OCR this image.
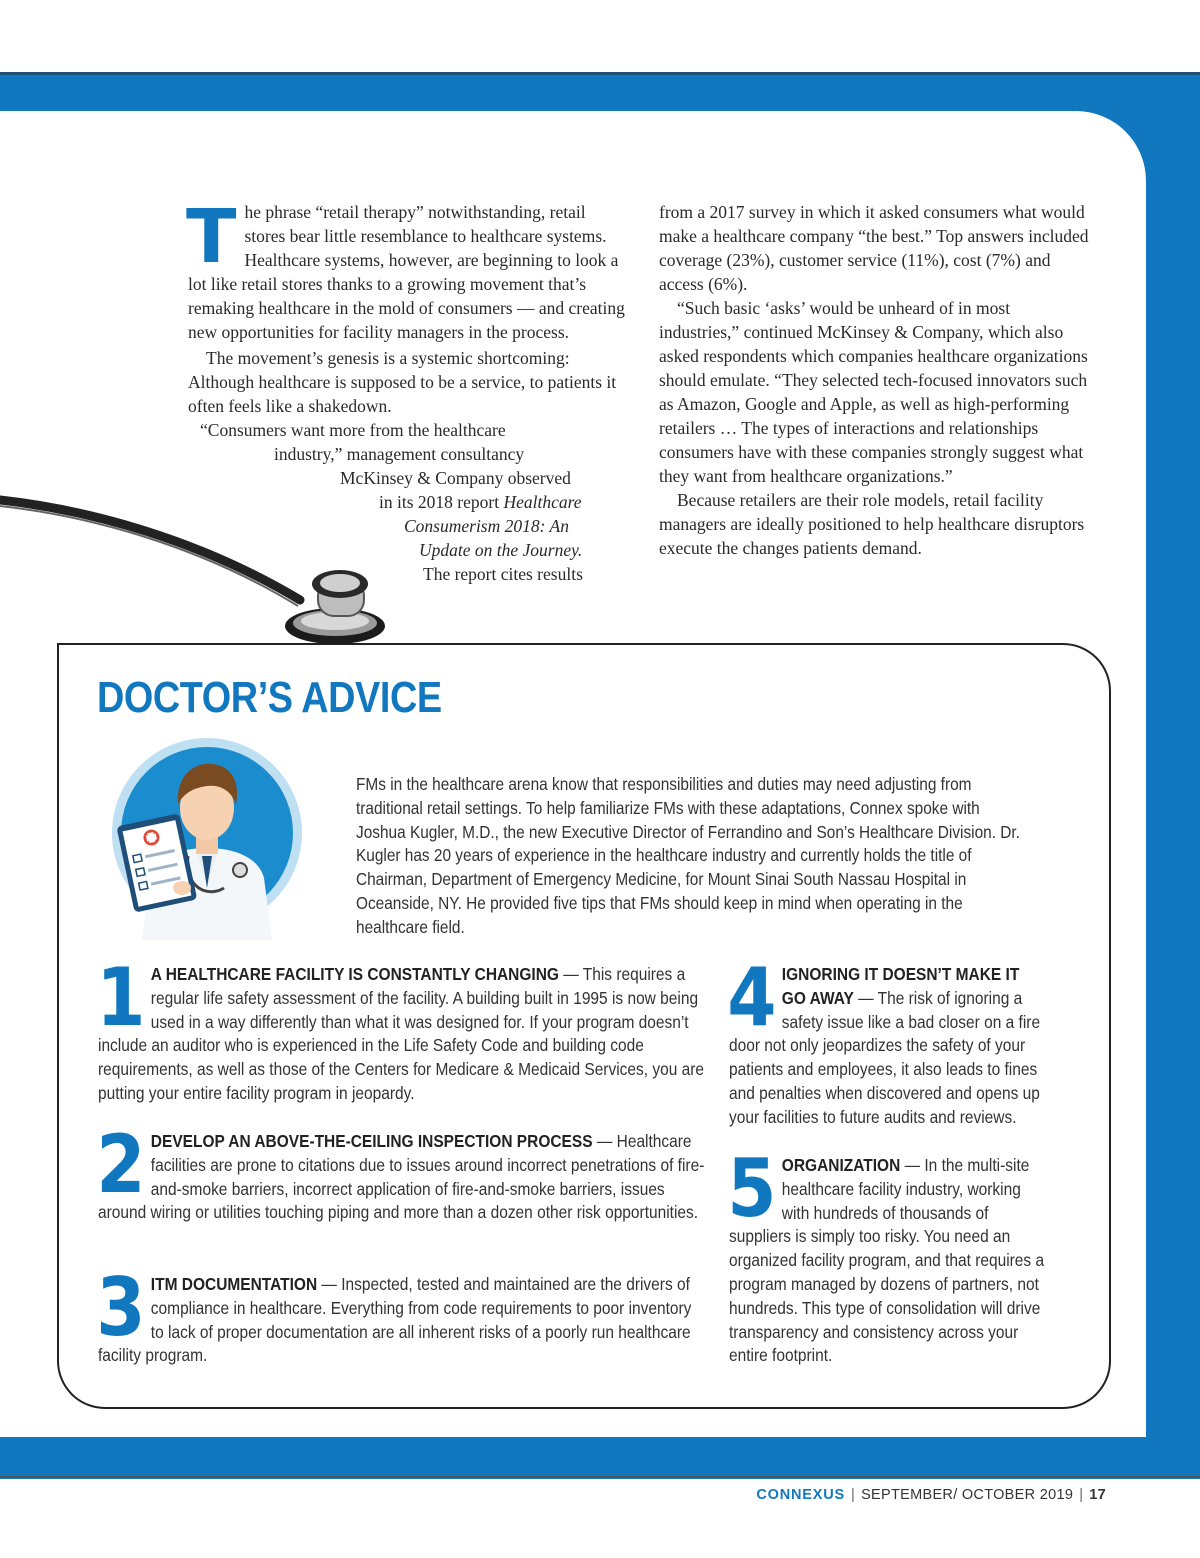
The phrase “retail therapy” notwithstanding, retail stores bear little resemblance to healthcare systems. Healthcare systems, however, are beginning to look a lot like retail stores thanks to a growing movement that’s remaking healthcare in the mold of consumers — and creating new opportunities for facility managers in the process.

The movement’s genesis is a systemic shortcoming: Although healthcare is supposed to be a service, to patients it often feels like a shakedown.

“Consumers want more from the healthcare
industry,” management consultancy
McKinsey & Company observed
in its 2018 report Healthcare
Consumerism 2018: An
Update on the Journey.
The report cites results

from a 2017 survey in which it asked consumers what would make a healthcare company “the best.” Top answers included coverage (23%), customer service (11%), cost (7%) and access (6%).

“Such basic ‘asks’ would be unheard of in most industries,” continued McKinsey & Company, which also asked respondents which companies healthcare organizations should emulate. “They selected tech-focused innovators such as Amazon, Google and Apple, as well as high-performing retailers … The types of interactions and relationships consumers have with these companies strongly suggest what they want from healthcare organizations.”

Because retailers are their role models, retail facility managers are ideally positioned to help healthcare disruptors execute the changes patients demand.

DOCTOR’S ADVICE
FMs in the healthcare arena know that responsibilities and duties may need adjusting from traditional retail settings. To help familiarize FMs with these adaptations, Connex spoke with Joshua Kugler, M.D., the new Executive Director of Ferrandino and Son’s Healthcare Division. Dr. Kugler has 20 years of experience in the healthcare industry and currently holds the title of Chairman, Department of Emergency Medicine, for Mount Sinai South Nassau Hospital in Oceanside, NY. He provided five tips that FMs should keep in mind when operating in the healthcare field.
1 A HEALTHCARE FACILITY IS CONSTANTLY CHANGING — This requires a regular life safety assessment of the facility. A building built in 1995 is now being used in a way differently than what it was designed for. If your program doesn’t include an auditor who is experienced in the Life Safety Code and building code requirements, as well as those of the Centers for Medicare & Medicaid Services, you are putting your entire facility program in jeopardy.
2 DEVELOP AN ABOVE-THE-CEILING INSPECTION PROCESS — Healthcare facilities are prone to citations due to issues around incorrect penetrations of fire-and-smoke barriers, incorrect application of fire-and-smoke barriers, issues around wiring or utilities touching piping and more than a dozen other risk opportunities.
3 ITM DOCUMENTATION — Inspected, tested and maintained are the drivers of compliance in healthcare. Everything from code requirements to poor inventory to lack of proper documentation are all inherent risks of a poorly run healthcare facility program.
4 IGNORING IT DOESN’T MAKE IT GO AWAY — The risk of ignoring a safety issue like a bad closer on a fire door not only jeopardizes the safety of your patients and employees, it also leads to fines and penalties when discovered and opens up your facilities to future audits and reviews.
5 ORGANIZATION — In the multi-site healthcare facility industry, working with hundreds of thousands of suppliers is simply too risky. You need an organized facility program, and that requires a program managed by dozens of partners, not hundreds. This type of consolidation will drive transparency and consistency across your entire footprint.
CONNEXUS | SEPTEMBER/ OCTOBER 2019 | 17
